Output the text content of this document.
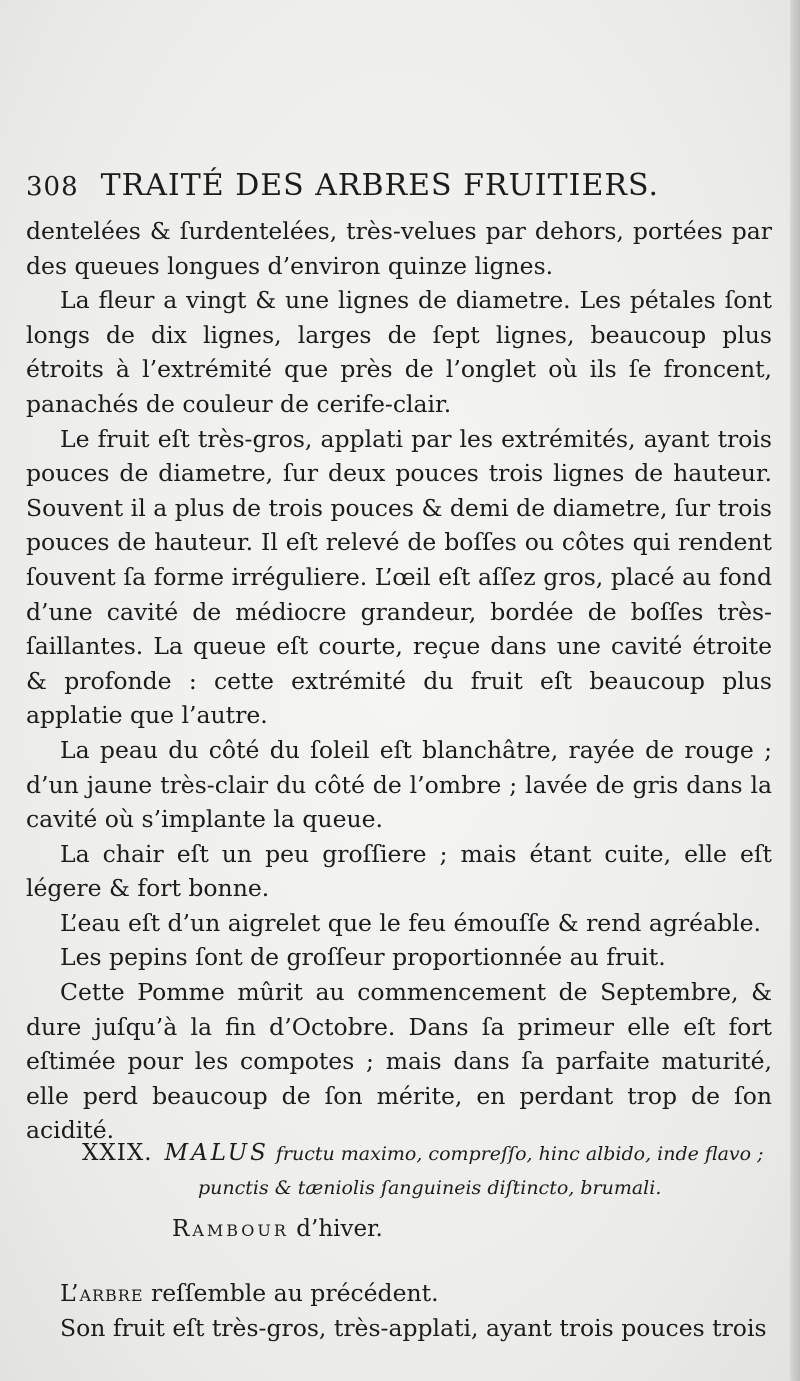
308 TRAITÉ DES ARBRES FRUITIERS.

dentelées & ſurdentelées, très-velues par dehors, portées par des queues longues d’environ quinze lignes.

La fleur a vingt & une lignes de diametre. Les pétales ſont longs de dix lignes, larges de ſept lignes, beaucoup plus étroits à l’extrémité que près de l’onglet où ils ſe froncent, panachés de couleur de cerife-clair.

Le fruit eſt très-gros, applati par les extrémités, ayant trois pouces de diametre, ſur deux pouces trois lignes de hauteur. Souvent il a plus de trois pouces & demi de diametre, ſur trois pouces de hauteur. Il eſt relevé de boſſes ou côtes qui rendent ſouvent ſa forme irréguliere. L’œil eſt aſſez gros, placé au fond d’une cavité de médiocre grandeur, bordée de boſſes très-ſaillantes. La queue eſt courte, reçue dans une cavité étroite & profonde : cette extrémité du fruit eſt beaucoup plus applatie que l’autre.

La peau du côté du ſoleil eſt blanchâtre, rayée de rouge ; d’un jaune très-clair du côté de l’ombre ; lavée de gris dans la cavité où s’implante la queue.

La chair eſt un peu groſſiere ; mais étant cuite, elle eſt légere & fort bonne.

L’eau eſt d’un aigrelet que le feu émouſſe & rend agréable.

Les pepins ſont de groſſeur proportionnée au fruit.

Cette Pomme mûrit au commencement de Septembre, & dure juſqu’à la fin d’Octobre. Dans ſa primeur elle eſt fort eſtimée pour les compotes ; mais dans ſa parfaite maturité, elle perd beaucoup de ſon mérite, en perdant trop de ſon acidité.

XXIX. MALUS fructu maximo, compreſſo, hinc albido, inde flavo ;
punctis & tæniolis ſanguineis diſtincto, brumali.
Rambour d’hiver.

L’arbre reſſemble au précédent.

Son fruit eſt très-gros, très-applati, ayant trois pouces trois
